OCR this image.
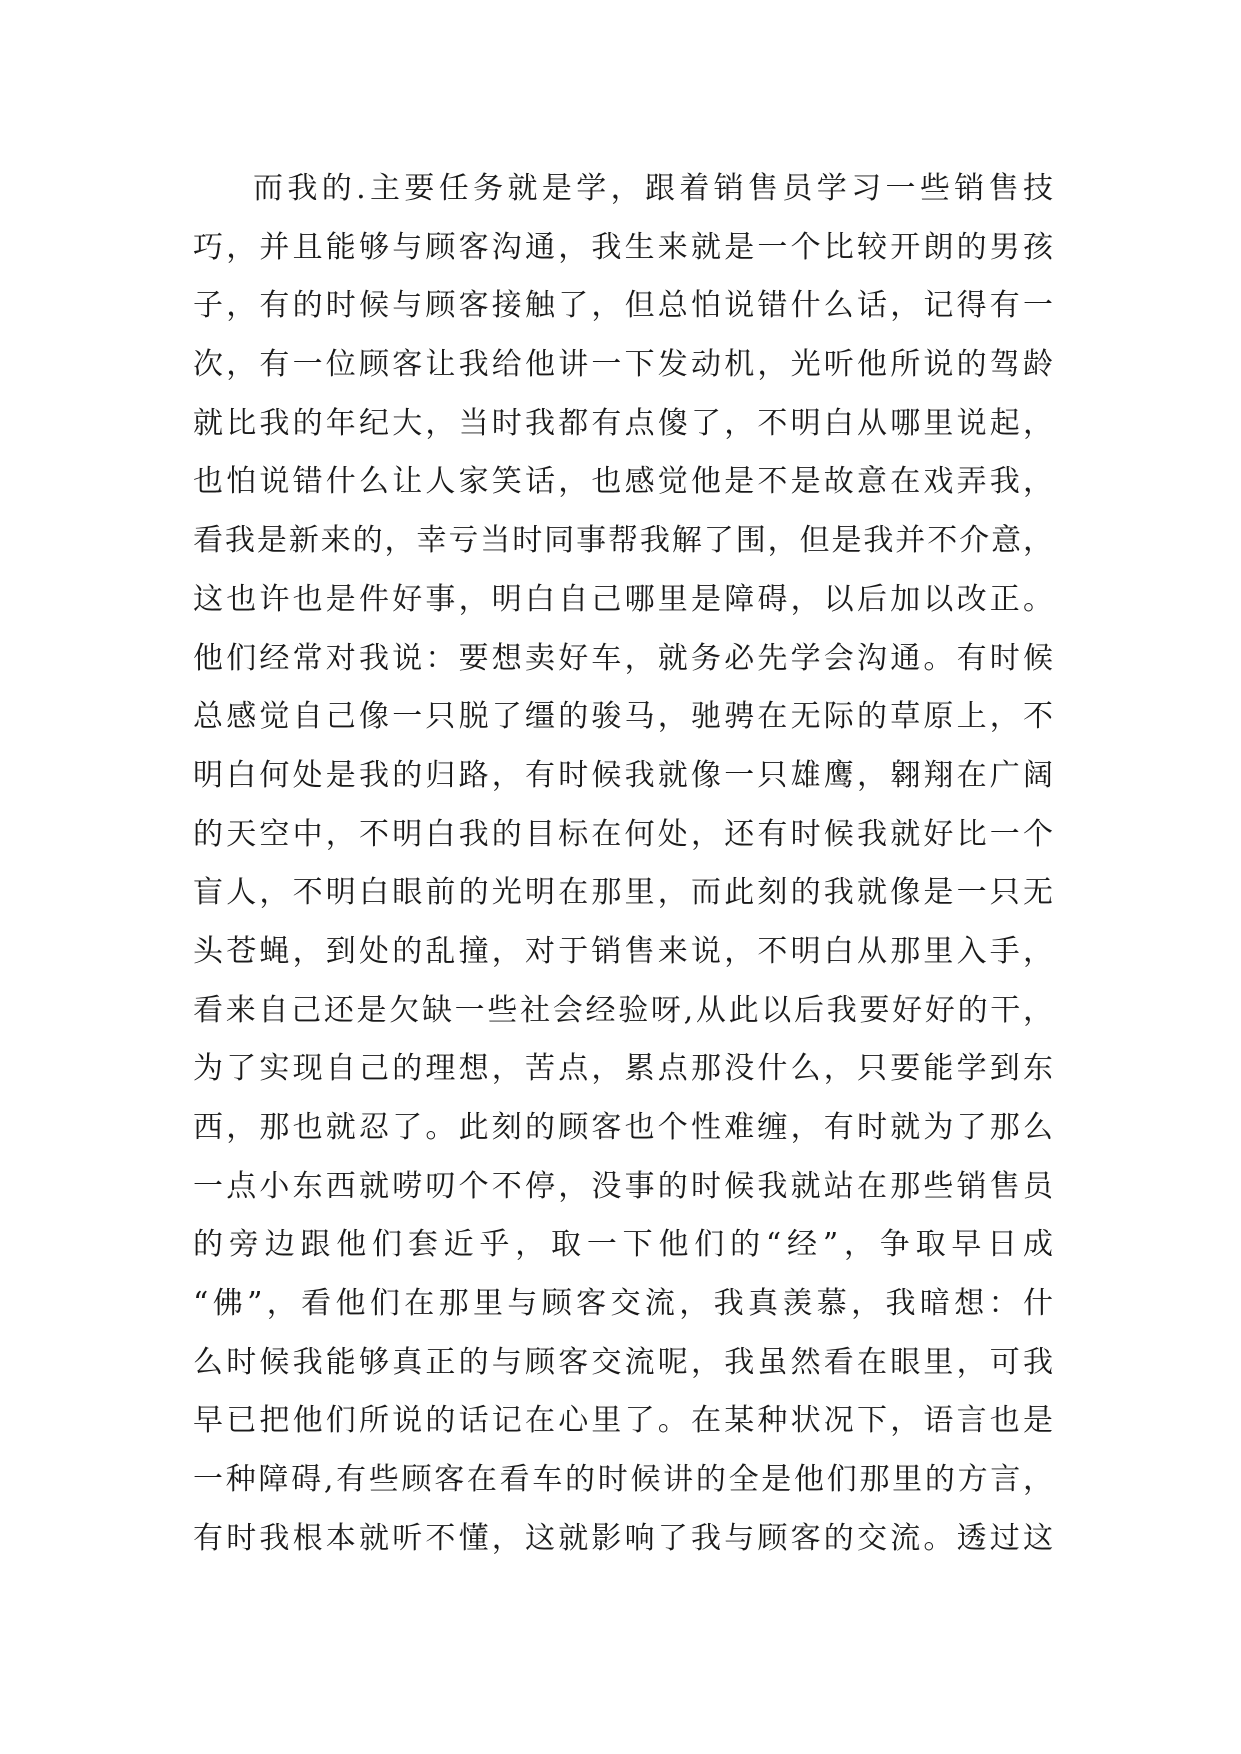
而我的.主要任务就是学，跟着销售员学习一些销售技
巧，并且能够与顾客沟通，我生来就是一个比较开朗的男孩
子，有的时候与顾客接触了，但总怕说错什么话，记得有一
次，有一位顾客让我给他讲一下发动机，光听他所说的驾龄
就比我的年纪大，当时我都有点傻了，不明白从哪里说起，
也怕说错什么让人家笑话，也感觉他是不是故意在戏弄我，
看我是新来的，幸亏当时同事帮我解了围，但是我并不介意，
这也许也是件好事，明白自己哪里是障碍，以后加以改正。
他们经常对我说：要想卖好车，就务必先学会沟通。有时候
总感觉自己像一只脱了缰的骏马，驰骋在无际的草原上，不
明白何处是我的归路，有时候我就像一只雄鹰，翱翔在广阔
的天空中，不明白我的目标在何处，还有时候我就好比一个
盲人，不明白眼前的光明在那里，而此刻的我就像是一只无
头苍蝇，到处的乱撞，对于销售来说，不明白从那里入手，
看来自己还是欠缺一些社会经验呀,从此以后我要好好的干，
为了实现自己的理想，苦点，累点那没什么，只要能学到东
西，那也就忍了。此刻的顾客也个性难缠，有时就为了那么
一点小东西就唠叨个不停，没事的时候我就站在那些销售员
的旁边跟他们套近乎，取一下他们的“经”，争取早日成
“佛”，看他们在那里与顾客交流，我真羡慕，我暗想：什
么时候我能够真正的与顾客交流呢，我虽然看在眼里，可我
早已把他们所说的话记在心里了。在某种状况下，语言也是
一种障碍,有些顾客在看车的时候讲的全是他们那里的方言，
有时我根本就听不懂，这就影响了我与顾客的交流。透过这
